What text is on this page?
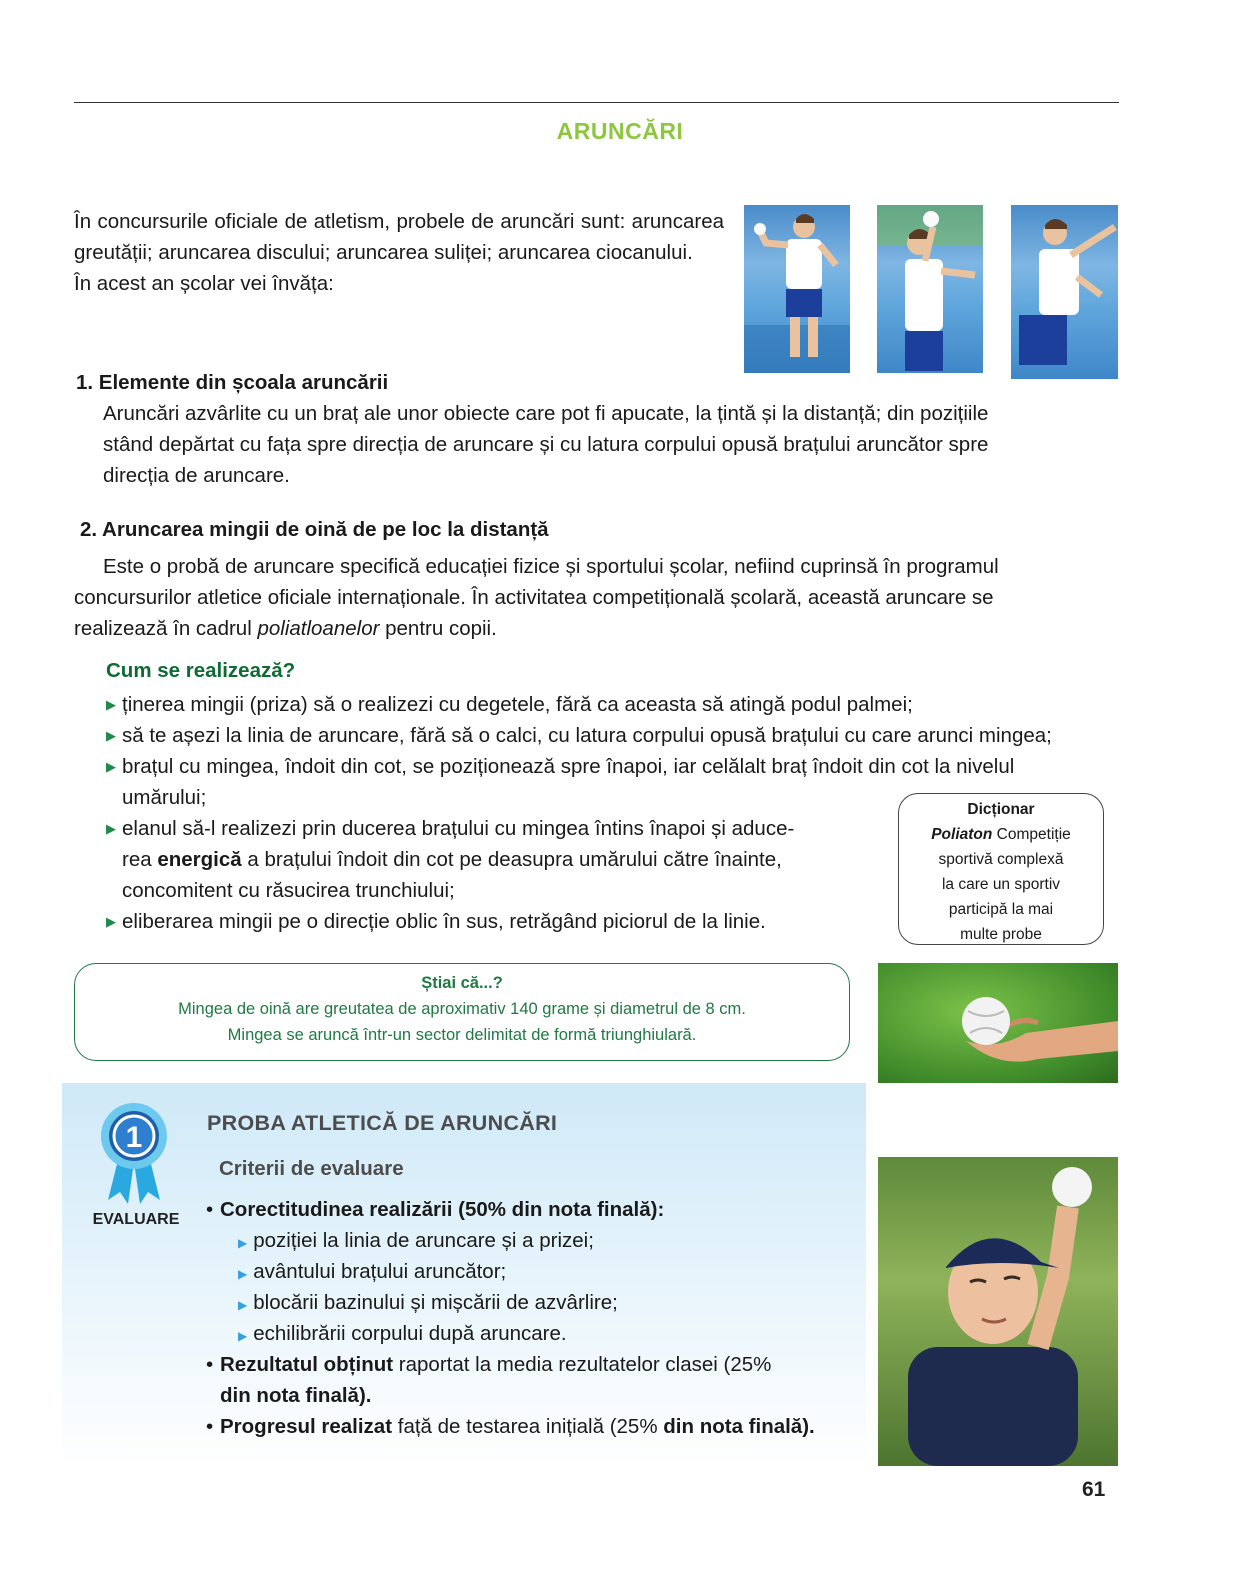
ARUNCĂRI

În concursurile oficiale de atletism, probele de aruncări sunt: aruncarea greutății; aruncarea discului; aruncarea suliței; aruncarea ciocanului.

În acest an școlar vei învăța:

1. Elemente din școala aruncării
Aruncări azvârlite cu un braț ale unor obiecte care pot fi apucate, la țintă și la distanță; din pozițiile
stând depărtat cu fața spre direcția de aruncare și cu latura corpului opusă brațului aruncător spre
direcția de aruncare.
2. Aruncarea mingii de oină de pe loc la distanță
Este o probă de aruncare specifică educației fizice și sportului școlar, nefiind cuprinsă în programul
concursurilor atletice oficiale internaționale. În activitatea competițională școlară, această aruncare se
realizează în cadrul poliatloanelor pentru copii.
Cum se realizează?
▶ ținerea mingii (priza) să o realizezi cu degetele, fără ca aceasta să atingă podul palmei;
▶ să te așezi la linia de aruncare, fără să o calci, cu latura corpului opusă brațului cu care arunci mingea;
▶ brațul cu mingea, îndoit din cot, se poziționează spre înapoi, iar celălalt braț îndoit din cot la nivelul
umărului;
▶ elanul să-l realizezi prin ducerea brațului cu mingea întins înapoi și aduce-
rea energică a brațului îndoit din cot pe deasupra umărului către înainte,
concomitent cu răsucirea trunchiului;
▶ eliberarea mingii pe o direcție oblic în sus, retrăgând piciorul de la linie.
Dicționar
Poliaton Competiție
sportivă complexă
la care un sportiv
participă la mai
multe probe
Știai că...?
Mingea de oină are greutatea de aproximativ 140 grame și diametrul de 8 cm.
Mingea se aruncă într-un sector delimitat de formă triunghiulară.
1
EVALUARE
PROBA ATLETICĂ DE ARUNCĂRI
Criterii de evaluare
• Corectitudinea realizării (50% din nota finală):
▶ poziției la linia de aruncare și a prizei;
▶ avântului brațului aruncător;
▶ blocării bazinului și mișcării de azvârlire;
▶ echilibrării corpului după aruncare.
• Rezultatul obținut raportat la media rezultatelor clasei (25%
din nota finală).
• Progresul realizat față de testarea inițială (25% din nota finală).
61
